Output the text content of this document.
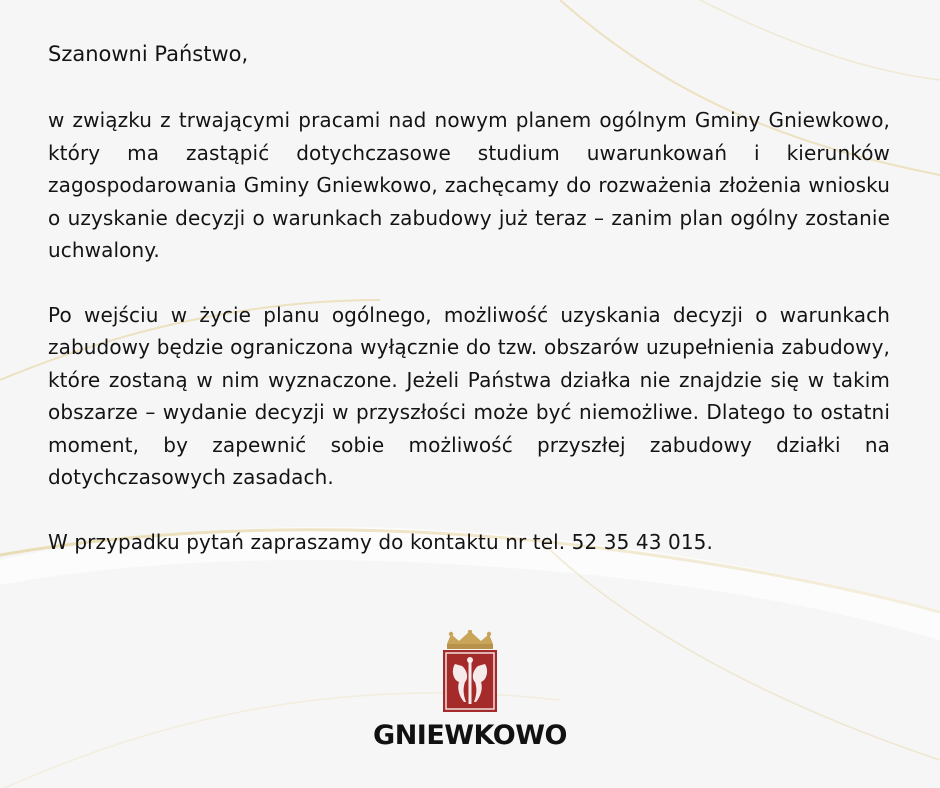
Szanowni Państwo,

w związku z trwającymi pracami nad nowym planem ogólnym Gminy Gniewkowo, który ma zastąpić dotychczasowe studium uwarunkowań i kierunków zagospodarowania Gminy Gniewkowo, zachęcamy do rozważenia złożenia wniosku o uzyskanie decyzji o warunkach zabudowy już teraz – zanim plan ogólny zostanie uchwalony.

Po wejściu w życie planu ogólnego, możliwość uzyskania decyzji o warunkach zabudowy będzie ograniczona wyłącznie do tzw. obszarów uzupełnienia zabudowy, które zostaną w nim wyznaczone. Jeżeli Państwa działka nie znajdzie się w takim obszarze – wydanie decyzji w przyszłości może być niemożliwe. Dlatego to ostatni moment, by zapewnić sobie możliwość przyszłej zabudowy działki na dotychczasowych zasadach.

W przypadku pytań zapraszamy do kontaktu nr tel. 52 35 43 015.

GNIEWKOWO
